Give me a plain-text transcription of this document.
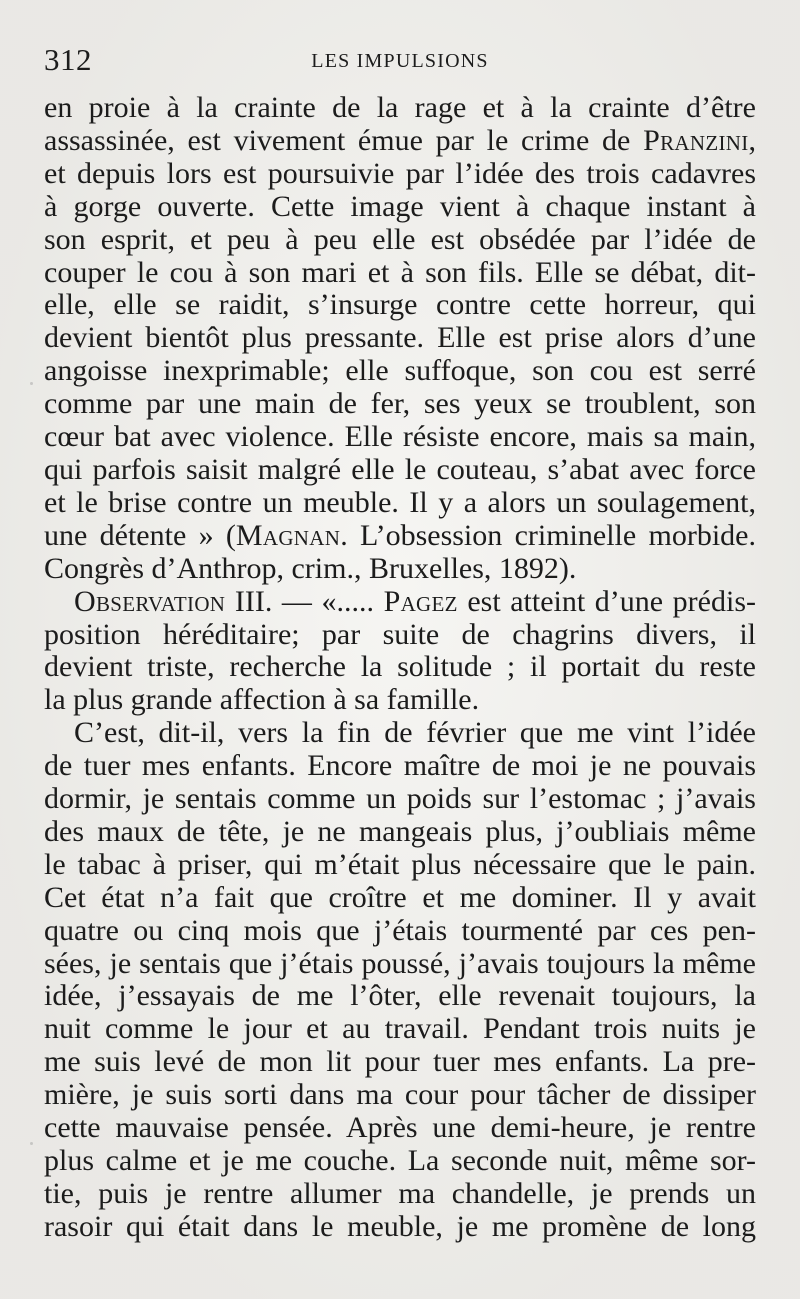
312	LES IMPULSIONS
en proie à la crainte de la rage et à la crainte d’être
assassinée, est vivement émue par le crime de Pranzini,
et depuis lors est poursuivie par l’idée des trois cadavres
à gorge ouverte. Cette image vient à chaque instant à
son esprit, et peu à peu elle est obsédée par l’idée de
couper le cou à son mari et à son fils. Elle se débat, dit-
elle, elle se raidit, s’insurge contre cette horreur, qui
devient bientôt plus pressante. Elle est prise alors d’une
angoisse inexprimable; elle suffoque, son cou est serré
comme par une main de fer, ses yeux se troublent, son
cœur bat avec violence. Elle résiste encore, mais sa main,
qui parfois saisit malgré elle le couteau, s’abat avec force
et le brise contre un meuble. Il y a alors un soulagement,
une détente » (Magnan. L’obsession criminelle morbide.
Congrès d’Anthrop, crim., Bruxelles, 1892).
Observation III. — «..... Pagez est atteint d’une prédis-
position héréditaire; par suite de chagrins divers, il
devient triste, recherche la solitude ; il portait du reste
la plus grande affection à sa famille.
C’est, dit-il, vers la fin de février que me vint l’idée
de tuer mes enfants. Encore maître de moi je ne pouvais
dormir, je sentais comme un poids sur l’estomac ; j’avais
des maux de tête, je ne mangeais plus, j’oubliais même
le tabac à priser, qui m’était plus nécessaire que le pain.
Cet état n’a fait que croître et me dominer. Il y avait
quatre ou cinq mois que j’étais tourmenté par ces pen-
sées, je sentais que j’étais poussé, j’avais toujours la même
idée, j’essayais de me l’ôter, elle revenait toujours, la
nuit comme le jour et au travail. Pendant trois nuits je
me suis levé de mon lit pour tuer mes enfants. La pre-
mière, je suis sorti dans ma cour pour tâcher de dissiper
cette mauvaise pensée. Après une demi-heure, je rentre
plus calme et je me couche. La seconde nuit, même sor-
tie, puis je rentre allumer ma chandelle, je prends un
rasoir qui était dans le meuble, je me promène de long
